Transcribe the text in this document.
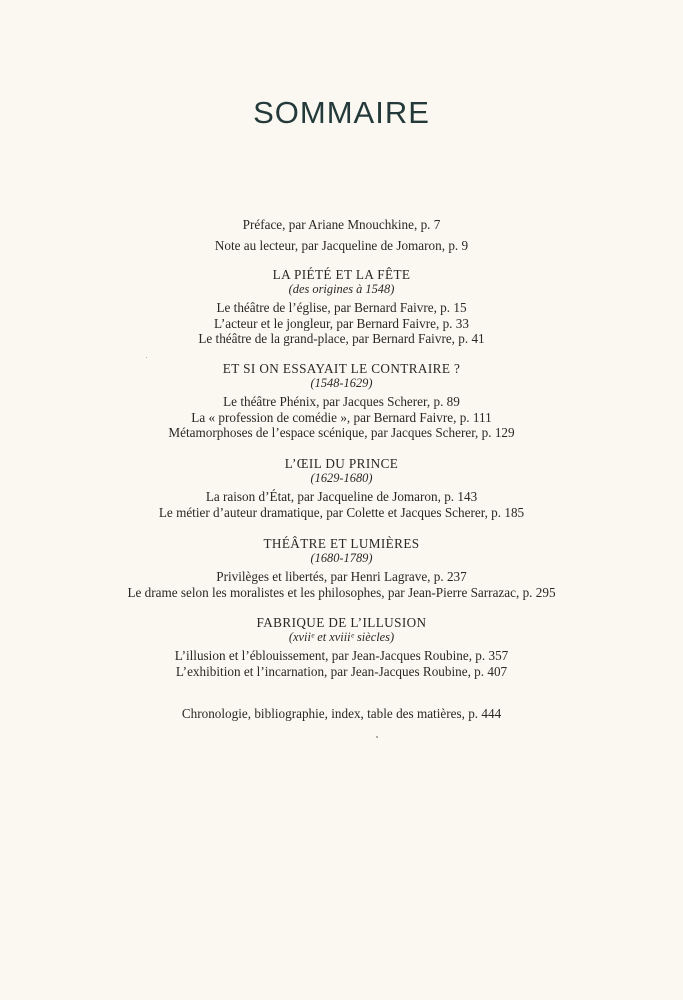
SOMMAIRE
Préface, par Ariane Mnouchkine, p. 7
Note au lecteur, par Jacqueline de Jomaron, p. 9
LA PIÉTÉ ET LA FÊTE
(des origines à 1548)
Le théâtre de l’église, par Bernard Faivre, p. 15
L’acteur et le jongleur, par Bernard Faivre, p. 33
Le théâtre de la grand-place, par Bernard Faivre, p. 41
ET SI ON ESSAYAIT LE CONTRAIRE ?
(1548-1629)
Le théâtre Phénix, par Jacques Scherer, p. 89
La « profession de comédie », par Bernard Faivre, p. 111
Métamorphoses de l’espace scénique, par Jacques Scherer, p. 129
L’ŒIL DU PRINCE
(1629-1680)
La raison d’État, par Jacqueline de Jomaron, p. 143
Le métier d’auteur dramatique, par Colette et Jacques Scherer, p. 185
THÉÂTRE ET LUMIÈRES
(1680-1789)
Privilèges et libertés, par Henri Lagrave, p. 237
Le drame selon les moralistes et les philosophes, par Jean-Pierre Sarrazac, p. 295
FABRIQUE DE L’ILLUSION
(xviiᵉ et xviiiᵉ siècles)
L’illusion et l’éblouissement, par Jean-Jacques Roubine, p. 357
L’exhibition et l’incarnation, par Jean-Jacques Roubine, p. 407
Chronologie, bibliographie, index, table des matières, p. 444
